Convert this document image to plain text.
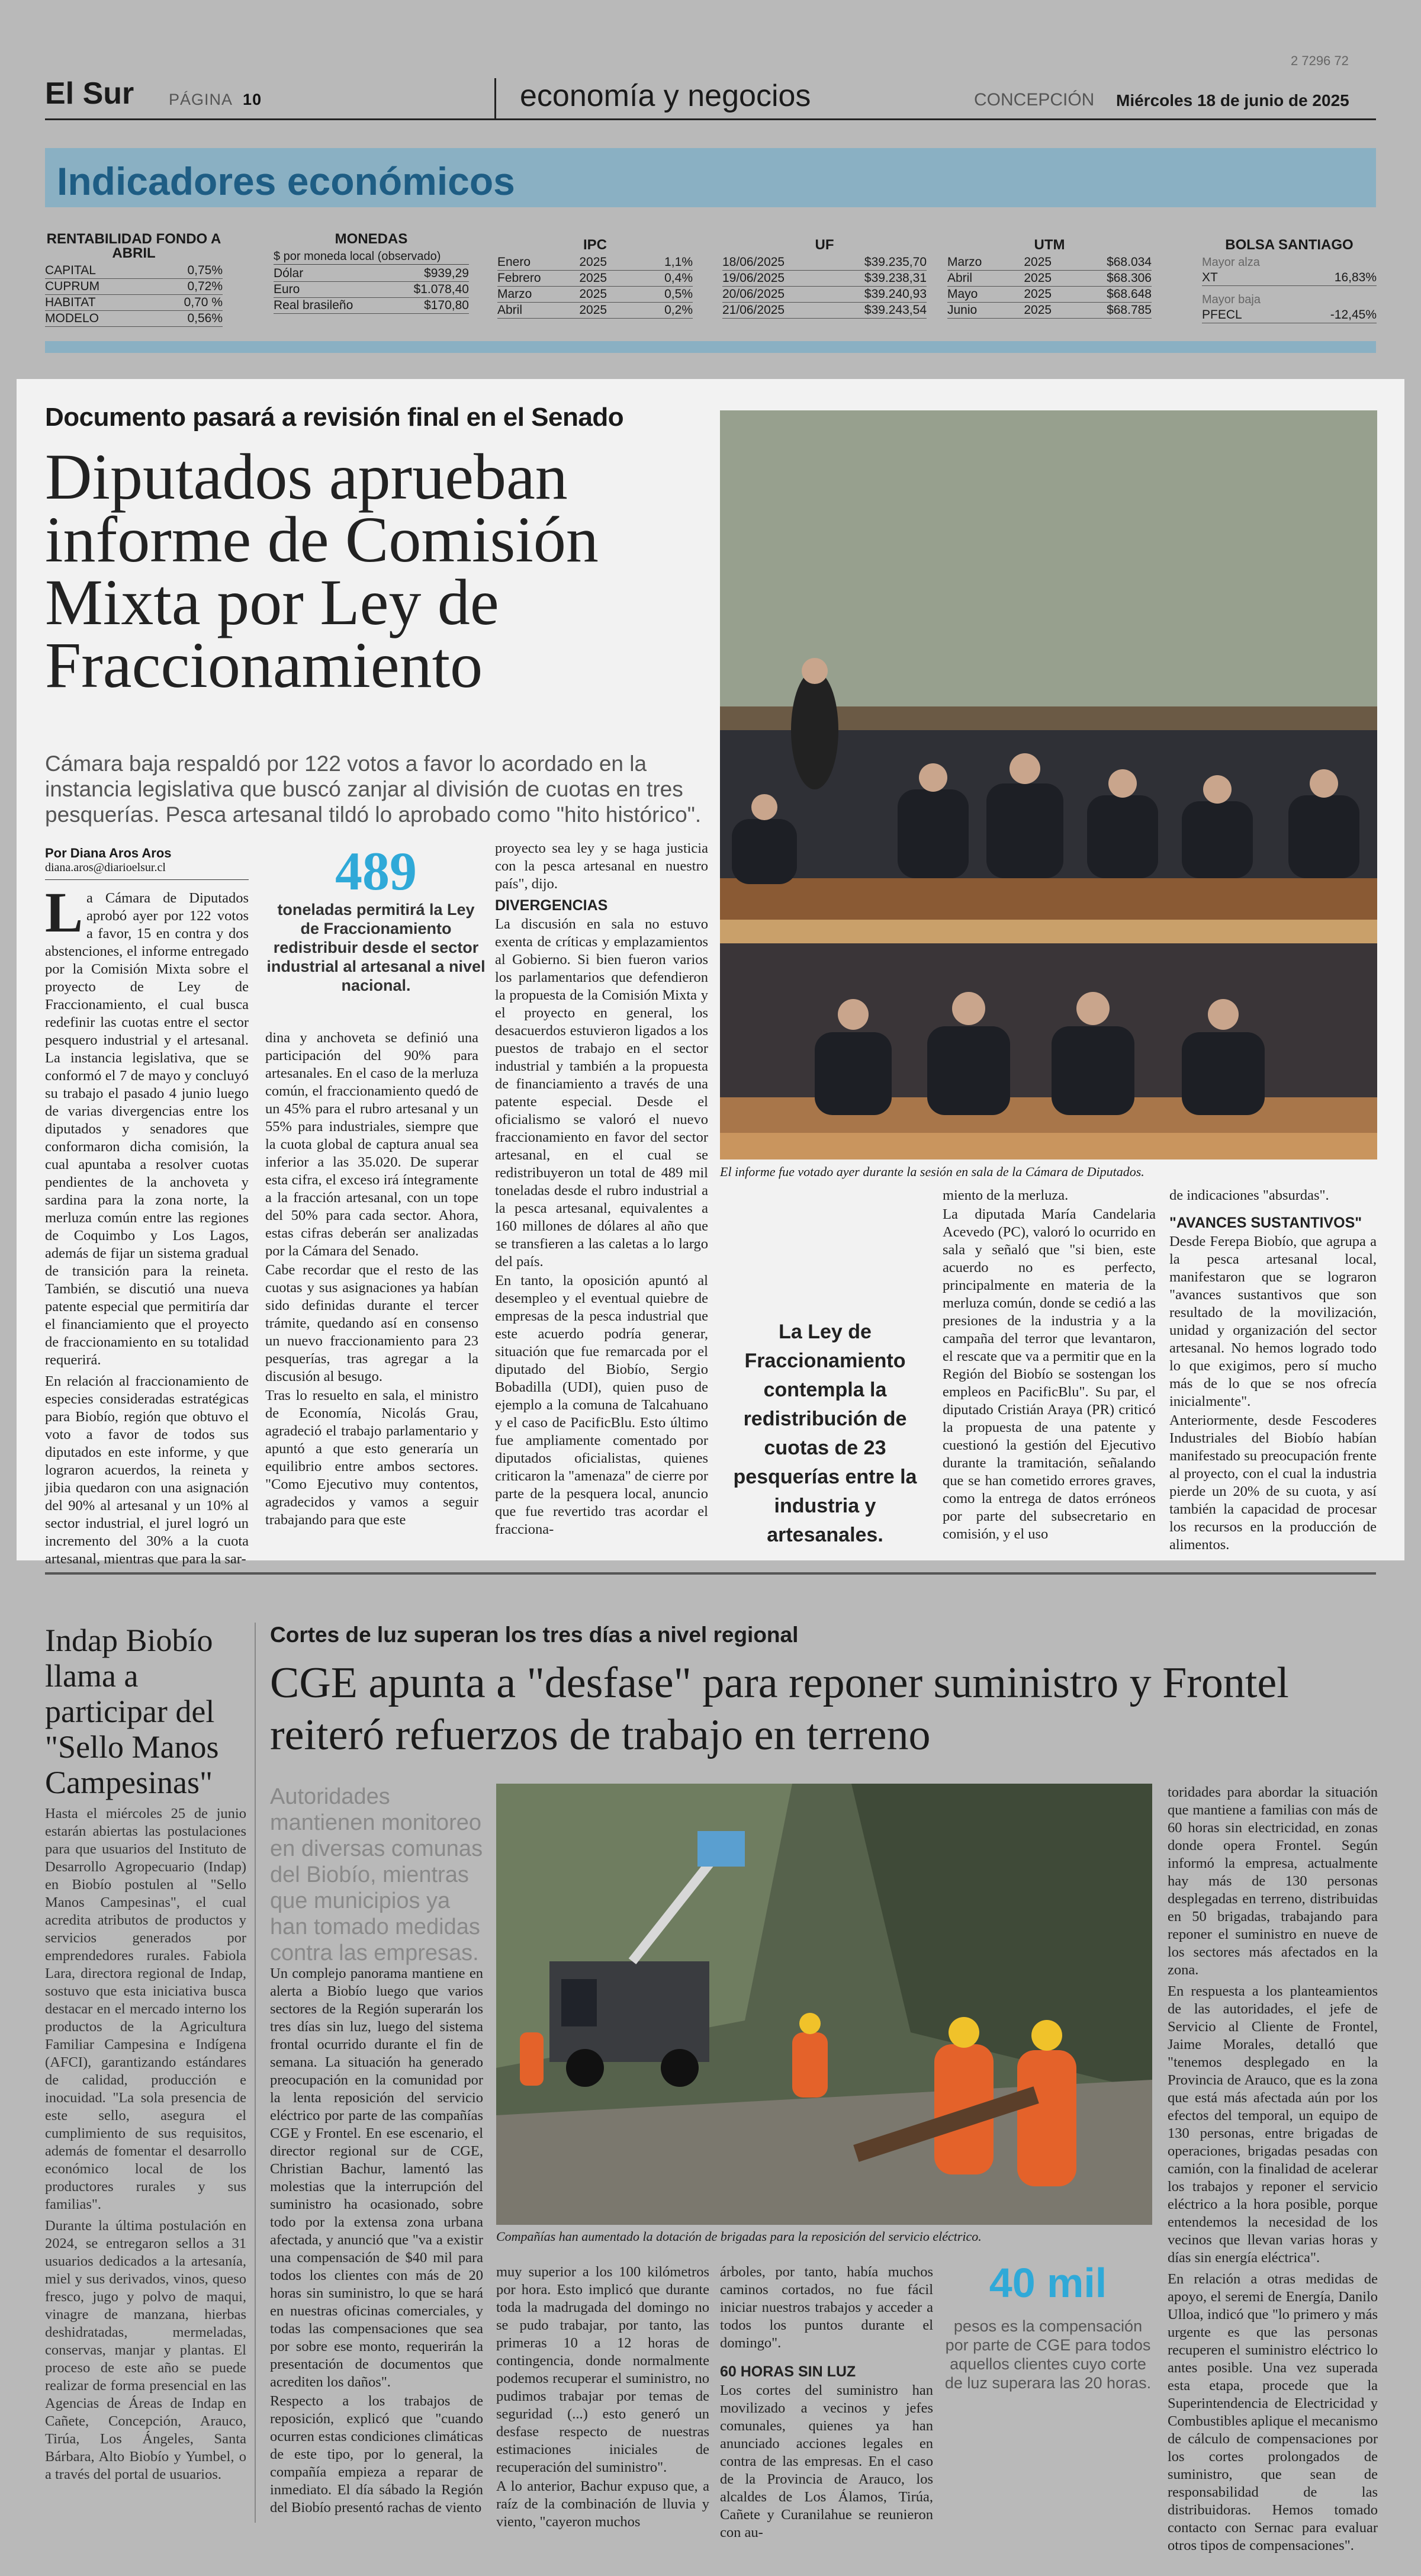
2 7296 72
El Sur PÁGINA 10	economía y negocios	CONCEPCIÓN Miércoles 18 de junio de 2025
Indicadores económicos
RENTABILIDAD FONDO A ABRIL
CAPITAL	0,75%
CUPRUM	0,72%
HABITAT	0,70 %
MODELO	0,56%
MONEDAS
$ por moneda local (observado)
Dólar	$939,29
Euro	$1.078,40
Real brasileño	$170,80
IPC
Enero	2025	1,1%
Febrero	2025	0,4%
Marzo	2025	0,5%
Abril	2025	0,2%
UF
18/06/2025	$39.235,70
19/06/2025	$39.238,31
20/06/2025	$39.240,93
21/06/2025	$39.243,54
UTM
Marzo	2025	$68.034
Abril	2025	$68.306
Mayo	2025	$68.648
Junio	2025	$68.785
BOLSA SANTIAGO
Mayor alza
XT	16,83%
Mayor baja
PFECL	-12,45%
Documento pasará a revisión final en el Senado
Diputados aprueban informe de Comisión Mixta por Ley de Fraccionamiento
Cámara baja respaldó por 122 votos a favor lo acordado en la instancia legislativa que buscó zanjar al división de cuotas en tres pesquerías. Pesca artesanal tildó lo aprobado como "hito histórico".
El informe fue votado ayer durante la sesión en sala de la Cámara de Diputados.
Por Diana Aros Aros
diana.aros@diarioelsur.cl
La Cámara de Diputados aprobó ayer por 122 votos a favor, 15 en contra y dos abstenciones, el informe entregado por la Comisión Mixta sobre el proyecto de Ley de Fraccionamiento, el cual busca redefinir las cuotas entre el sector pesquero industrial y el artesanal. La instancia legislativa, que se conformó el 7 de mayo y concluyó su trabajo el pasado 4 junio luego de varias divergencias entre los diputados y senadores que conformaron dicha comisión, la cual apuntaba a resolver cuotas pendientes de la anchoveta y sardina para la zona norte, la merluza común entre las regiones de Coquimbo y Los Lagos, además de fijar un sistema gradual de transición para la reineta. También, se discutió una nueva patente especial que permitiría dar el financiamiento que el proyecto de fraccionamiento en su totalidad requerirá.

En relación al fraccionamiento de especies consideradas estratégicas para Biobío, región que obtuvo el voto a favor de todos sus diputados en este informe, y que lograron acuerdos, la reineta y jibia quedaron con una asignación del 90% al artesanal y un 10% al sector industrial, el jurel logró un incremento del 30% a la cuota artesanal, mientras que para la sar-

489
toneladas permitirá la Ley de Fraccionamiento redistribuir desde el sector industrial al artesanal a nivel nacional.

dina y anchoveta se definió una participación del 90% para artesanales. En el caso de la merluza común, el fraccionamiento quedó de un 45% para el rubro artesanal y un 55% para industriales, siempre que la cuota global de captura anual sea inferior a las 35.020. De superar esta cifra, el exceso irá íntegramente a la fracción artesanal, con un tope del 50% para cada sector. Ahora, estas cifras deberán ser analizadas por la Cámara del Senado.

Cabe recordar que el resto de las cuotas y sus asignaciones ya habían sido definidas durante el tercer trámite, quedando así en consenso un nuevo fraccionamiento para 23 pesquerías, tras agregar a la discusión al besugo.

Tras lo resuelto en sala, el ministro de Economía, Nicolás Grau, agradeció el trabajo parlamentario y apuntó a que esto generaría un equilibrio entre ambos sectores. "Como Ejecutivo muy contentos, agradecidos y vamos a seguir trabajando para que este

proyecto sea ley y se haga justicia con la pesca artesanal en nuestro país", dijo.

DIVERGENCIAS

La discusión en sala no estuvo exenta de críticas y emplazamientos al Gobierno. Si bien fueron varios los parlamentarios que defendieron la propuesta de la Comisión Mixta y el proyecto en general, los desacuerdos estuvieron ligados a los puestos de trabajo en el sector industrial y también a la propuesta de financiamiento a través de una patente especial. Desde el oficialismo se valoró el nuevo fraccionamiento en favor del sector artesanal, en el cual se redistribuyeron un total de 489 mil toneladas desde el rubro industrial a la pesca artesanal, equivalentes a 160 millones de dólares al año que se transfieren a las caletas a lo largo del país.

En tanto, la oposición apuntó al desempleo y el eventual quiebre de empresas de la pesca industrial que este acuerdo podría generar, situación que fue remarcada por el diputado del Biobío, Sergio Bobadilla (UDI), quien puso de ejemplo a la comuna de Talcahuano y el caso de PacificBlu. Esto último fue ampliamente comentado por diputados oficialistas, quienes criticaron la "amenaza" de cierre por parte de la pesquera local, anuncio que fue revertido tras acordar el fracciona-

La Ley de Fraccionamiento contempla la redistribución de cuotas de 23 pesquerías entre la industria y artesanales.

miento de la merluza.

La diputada María Candelaria Acevedo (PC), valoró lo ocurrido en sala y señaló que "si bien, este acuerdo no es perfecto, principalmente en materia de la merluza común, donde se cedió a las presiones de la industria y a la campaña del terror que levantaron, el rescate que va a permitir que en la Región del Biobío se sostengan los empleos en PacificBlu". Su par, el diputado Cristián Araya (PR) criticó la propuesta de una patente y cuestionó la gestión del Ejecutivo durante la tramitación, señalando que se han cometido errores graves, como la entrega de datos erróneos por parte del subsecretario en comisión, y el uso

de indicaciones "absurdas".

"AVANCES SUSTANTIVOS"

Desde Ferepa Biobío, que agrupa a la pesca artesanal local, manifestaron que se lograron "avances sustantivos que son resultado de la movilización, unidad y organización del sector artesanal. No hemos logrado todo lo que exigimos, pero sí mucho más de lo que se nos ofrecía inicialmente".

Anteriormente, desde Fescoderes Industriales del Biobío habían manifestado su preocupación frente al proyecto, con el cual la industria pierde un 20% de su cuota, y así también la capacidad de procesar los recursos en la producción de alimentos.

Indap Biobío llama a participar del "Sello Manos Campesinas"

Hasta el miércoles 25 de junio estarán abiertas las postulaciones para que usuarios del Instituto de Desarrollo Agropecuario (Indap) en Biobío postulen al "Sello Manos Campesinas", el cual acredita atributos de productos y servicios generados por emprendedores rurales. Fabiola Lara, directora regional de Indap, sostuvo que esta iniciativa busca destacar en el mercado interno los productos de la Agricultura Familiar Campesina e Indígena (AFCI), garantizando estándares de calidad, producción e inocuidad. "La sola presencia de este sello, asegura el cumplimiento de sus requisitos, además de fomentar el desarrollo económico local de los productores rurales y sus familias".

Durante la última postulación en 2024, se entregaron sellos a 31 usuarios dedicados a la artesanía, miel y sus derivados, vinos, queso fresco, jugo y polvo de maqui, vinagre de manzana, hierbas deshidratadas, mermeladas, conservas, manjar y plantas. El proceso de este año se puede realizar de forma presencial en las Agencias de Áreas de Indap en Cañete, Concepción, Arauco, Tirúa, Los Ángeles, Santa Bárbara, Alto Biobío y Yumbel, o a través del portal de usuarios.

Cortes de luz superan los tres días a nivel regional
CGE apunta a "desfase" para reponer suministro y Frontel reiteró refuerzos de trabajo en terreno
Autoridades mantienen monitoreo en diversas comunas del Biobío, mientras que municipios ya han tomado medidas contra las empresas.
Compañías han aumentado la dotación de brigadas para la reposición del servicio eléctrico.

Un complejo panorama mantiene en alerta a Biobío luego que varios sectores de la Región superarán los tres días sin luz, luego del sistema frontal ocurrido durante el fin de semana. La situación ha generado preocupación en la comunidad por la lenta reposición del servicio eléctrico por parte de las compañías CGE y Frontel. En ese escenario, el director regional sur de CGE, Christian Bachur, lamentó las molestias que la interrupción del suministro ha ocasionado, sobre todo por la extensa zona urbana afectada, y anunció que "va a existir una compensación de $40 mil para todos los clientes con más de 20 horas sin suministro, lo que se hará en nuestras oficinas comerciales, y todas las compensaciones que sea por sobre ese monto, requerirán la presentación de documentos que acrediten los daños".

Respecto a los trabajos de reposición, explicó que "cuando ocurren estas condiciones climáticas de este tipo, por lo general, la compañía empieza a reparar de inmediato. El día sábado la Región del Biobío presentó rachas de viento

muy superior a los 100 kilómetros por hora. Esto implicó que durante toda la madrugada del domingo no se pudo trabajar, por tanto, las primeras 10 a 12 horas de contingencia, donde normalmente podemos recuperar el suministro, no pudimos trabajar por temas de seguridad (...) esto generó un desfase respecto de nuestras estimaciones iniciales de recuperación del suministro".

A lo anterior, Bachur expuso que, a raíz de la combinación de lluvia y viento, "cayeron muchos

árboles, por tanto, había muchos caminos cortados, no fue fácil iniciar nuestros trabajos y acceder a todos los puntos durante el domingo".

60 HORAS SIN LUZ

Los cortes del suministro han movilizado a vecinos y jefes comunales, quienes ya han anunciado acciones legales en contra de las empresas. En el caso de la Provincia de Arauco, los alcaldes de Los Álamos, Tirúa, Cañete y Curanilahue se reunieron con au-

40 mil
pesos es la compensación por parte de CGE para todos aquellos clientes cuyo corte de luz superara las 20 horas.

toridades para abordar la situación que mantiene a familias con más de 60 horas sin electricidad, en zonas donde opera Frontel. Según informó la empresa, actualmente hay más de 130 personas desplegadas en terreno, distribuidas en 50 brigadas, trabajando para reponer el suministro en nueve de los sectores más afectados en la zona.

En respuesta a los planteamientos de las autoridades, el jefe de Servicio al Cliente de Frontel, Jaime Morales, detalló que "tenemos desplegado en la Provincia de Arauco, que es la zona que está más afectada aún por los efectos del temporal, un equipo de 130 personas, entre brigadas de operaciones, brigadas pesadas con camión, con la finalidad de acelerar los trabajos y reponer el servicio eléctrico a la hora posible, porque entendemos la necesidad de los vecinos que llevan varias horas y días sin energía eléctrica".

En relación a otras medidas de apoyo, el seremi de Energía, Danilo Ulloa, indicó que "lo primero y más urgente es que las personas recuperen el suministro eléctrico lo antes posible. Una vez superada esta etapa, procede que la Superintendencia de Electricidad y Combustibles aplique el mecanismo de cálculo de compensaciones por los cortes prolongados de suministro, que sean de responsabilidad de las distribuidoras. Hemos tomado contacto con Sernac para evaluar otros tipos de compensaciones".
